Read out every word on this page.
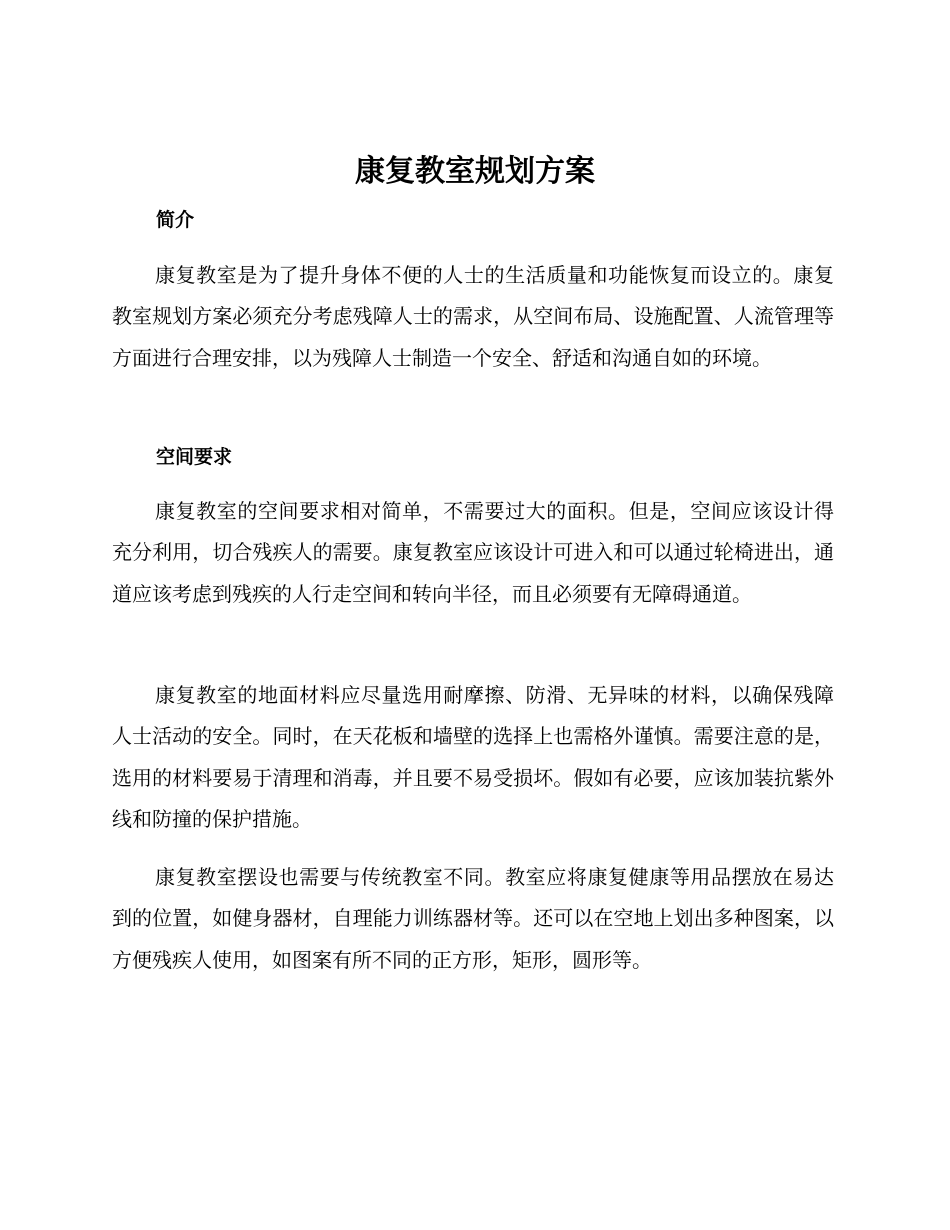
康复教室规划方案
简介

康复教室是为了提升身体不便的人士的生活质量和功能恢复而设立的。康复教室规划方案必须充分考虑残障人士的需求，从空间布局、设施配置、人流管理等方面进行合理安排，以为残障人士制造一个安全、舒适和沟通自如的环境。

空间要求

康复教室的空间要求相对简单，不需要过大的面积。但是，空间应该设计得充分利用，切合残疾人的需要。康复教室应该设计可进入和可以通过轮椅进出，通道应该考虑到残疾的人行走空间和转向半径，而且必须要有无障碍通道。

康复教室的地面材料应尽量选用耐摩擦、防滑、无异味的材料，以确保残障人士活动的安全。同时，在天花板和墙壁的选择上也需格外谨慎。需要注意的是，选用的材料要易于清理和消毒，并且要不易受损坏。假如有必要，应该加装抗紫外线和防撞的保护措施。

康复教室摆设也需要与传统教室不同。教室应将康复健康等用品摆放在易达到的位置，如健身器材，自理能力训练器材等。还可以在空地上划出多种图案，以方便残疾人使用，如图案有所不同的正方形，矩形，圆形等。
